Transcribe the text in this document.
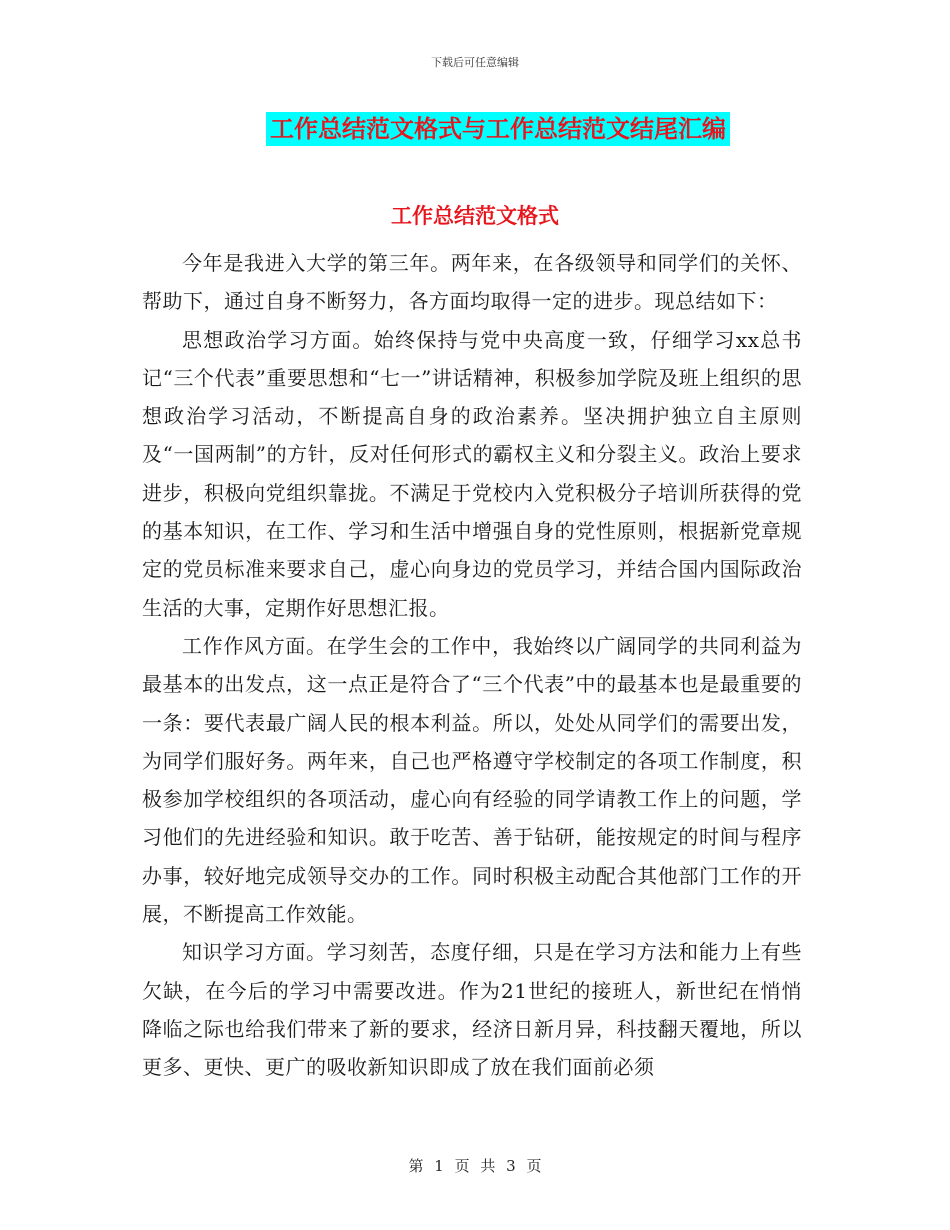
下载后可任意编辑
工作总结范文格式与工作总结范文结尾汇编
工作总结范文格式

今年是我进入大学的第三年。两年来，在各级领导和同学们的关怀、帮助下，通过自身不断努力，各方面均取得一定的进步。现总结如下：

思想政治学习方面。始终保持与党中央高度一致，仔细学习xx总书记“三个代表”重要思想和“七一”讲话精神，积极参加学院及班上组织的思想政治学习活动，不断提高自身的政治素养。坚决拥护独立自主原则及“一国两制”的方针，反对任何形式的霸权主义和分裂主义。政治上要求进步，积极向党组织靠拢。不满足于党校内入党积极分子培训所获得的党的基本知识，在工作、学习和生活中增强自身的党性原则，根据新党章规定的党员标准来要求自己，虚心向身边的党员学习，并结合国内国际政治生活的大事，定期作好思想汇报。

工作作风方面。在学生会的工作中，我始终以广阔同学的共同利益为最基本的出发点，这一点正是符合了“三个代表”中的最基本也是最重要的一条：要代表最广阔人民的根本利益。所以，处处从同学们的需要出发，为同学们服好务。两年来，自己也严格遵守学校制定的各项工作制度，积极参加学校组织的各项活动，虚心向有经验的同学请教工作上的问题，学习他们的先进经验和知识。敢于吃苦、善于钻研，能按规定的时间与程序办事，较好地完成领导交办的工作。同时积极主动配合其他部门工作的开展，不断提高工作效能。

知识学习方面。学习刻苦，态度仔细，只是在学习方法和能力上有些欠缺，在今后的学习中需要改进。作为21世纪的接班人，新世纪在悄悄降临之际也给我们带来了新的要求，经济日新月异，科技翻天覆地，所以更多、更快、更广的吸收新知识即成了放在我们面前必须

第 1 页 共 3 页
